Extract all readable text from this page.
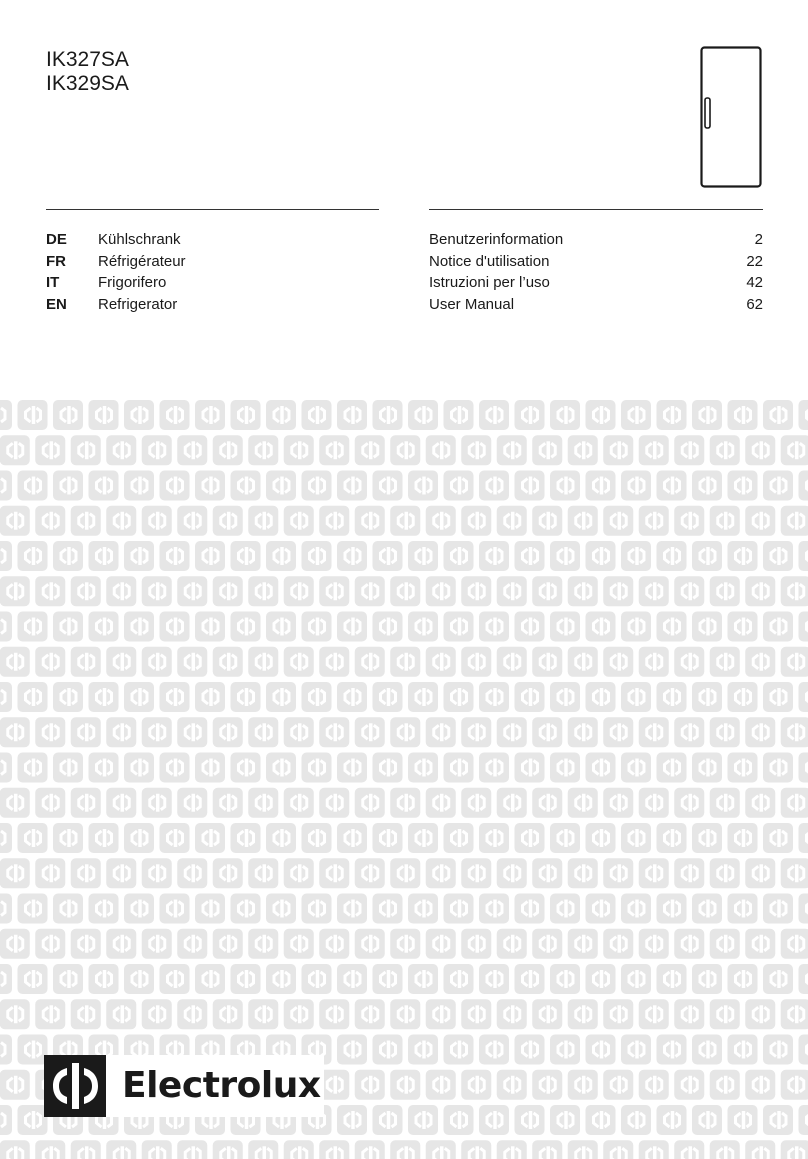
IK327SA
IK329SA
DE Kühlschrank	Benutzerinformation	2
FR Réfrigérateur	Notice d'utilisation	22
IT	Frigorifero	Istruzioni per l’uso	42
EN Refrigerator	User Manual	62
Electrolux
